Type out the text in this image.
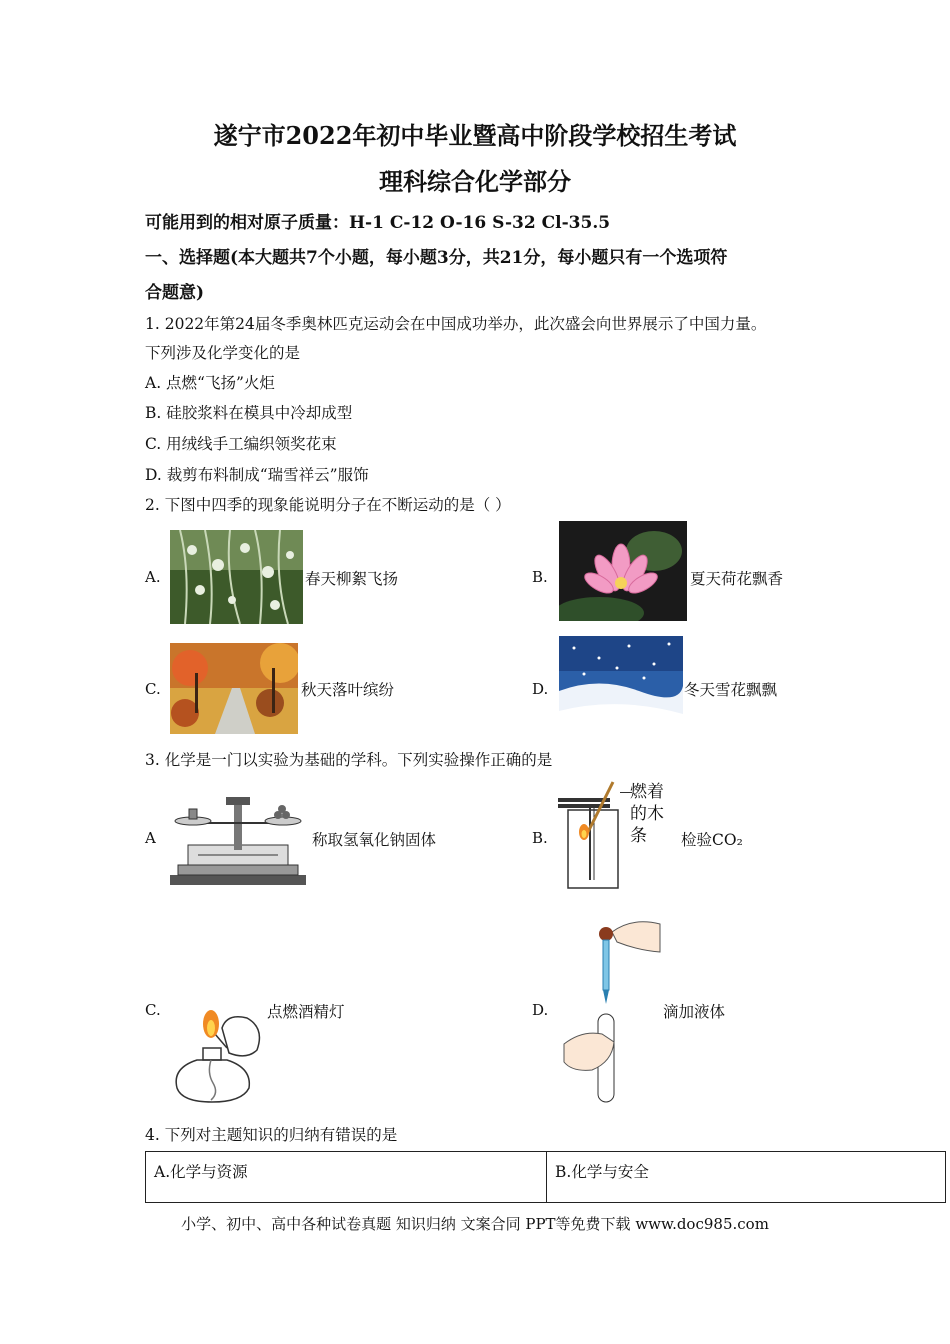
遂宁市2022年初中毕业暨高中阶段学校招生考试
理科综合化学部分
可能用到的相对原子质量：H-1 C-12 O-16 S-32 Cl-35.5
一、选择题(本大题共7个小题，每小题3分，共21分，每小题只有一个选项符
合题意)
1. 2022年第24届冬季奥林匹克运动会在中国成功举办，此次盛会向世界展示了中国力量。
下列涉及化学变化的是
A. 点燃“飞扬”火炬
B. 硅胶浆料在模具中冷却成型
C. 用绒线手工编织领奖花束
D. 裁剪布料制成“瑞雪祥云”服饰
2. 下图中四季的现象能说明分子在不断运动的是（ ）
A.	春天柳絮飞扬	B.	夏天荷花飘香
C.	秋天落叶缤纷	D.	冬天雪花飘飘
3. 化学是一门以实验为基础的学科。下列实验操作正确的是
A	称取氢氧化钠固体	B.
燃着
的木
条	检验CO₂
C.	点燃酒精灯	D.	滴加液体
4. 下列对主题知识的归纳有错误的是
A.化学与资源	B.化学与安全
小学、初中、高中各种试卷真题 知识归纳 文案合同 PPT等免费下载 www.doc985.com
